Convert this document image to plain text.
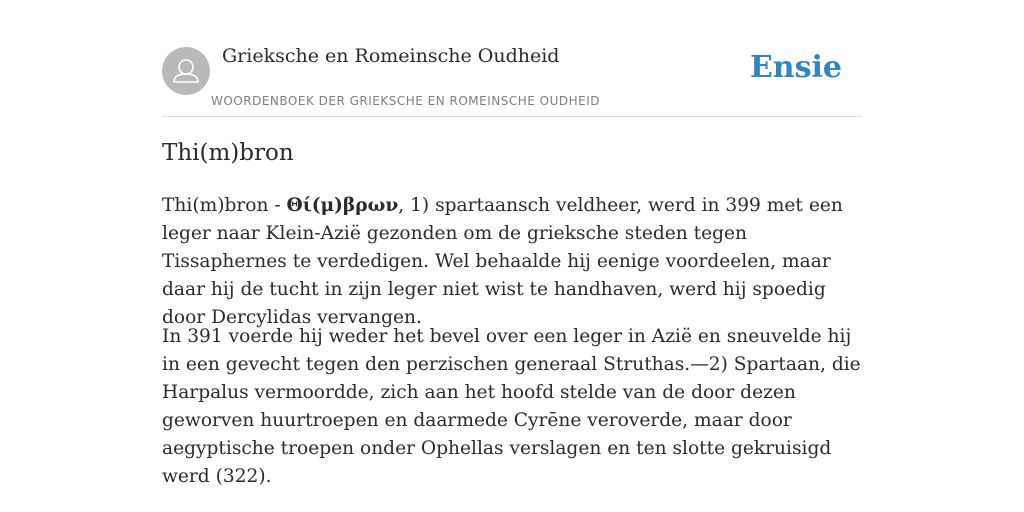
Grieksche en Romeinsche Oudheid
WOORDENBOEK DER GRIEKSCHE EN ROMEINSCHE OUDHEID
Ensie
Thi(m)bron

Thi(m)bron - Θί(μ)βρων, 1) spartaansch veldheer, werd in 399 met een leger naar Klein-Azië gezonden om de grieksche steden tegen Tissaphernes te verdedigen. Wel behaalde hij eenige voordeelen, maar daar hij de tucht in zijn leger niet wist te handhaven, werd hij spoedig door Dercylidas vervangen.

In 391 voerde hij weder het bevel over een leger in Azië en sneuvelde hij in een gevecht tegen den perzischen generaal Struthas.—2) Spartaan, die Harpalus vermoordde, zich aan het hoofd stelde van de door dezen geworven huurtroepen en daarmede Cyrēne veroverde, maar door aegyptische troepen onder Ophellas verslagen en ten slotte gekruisigd werd (322).
